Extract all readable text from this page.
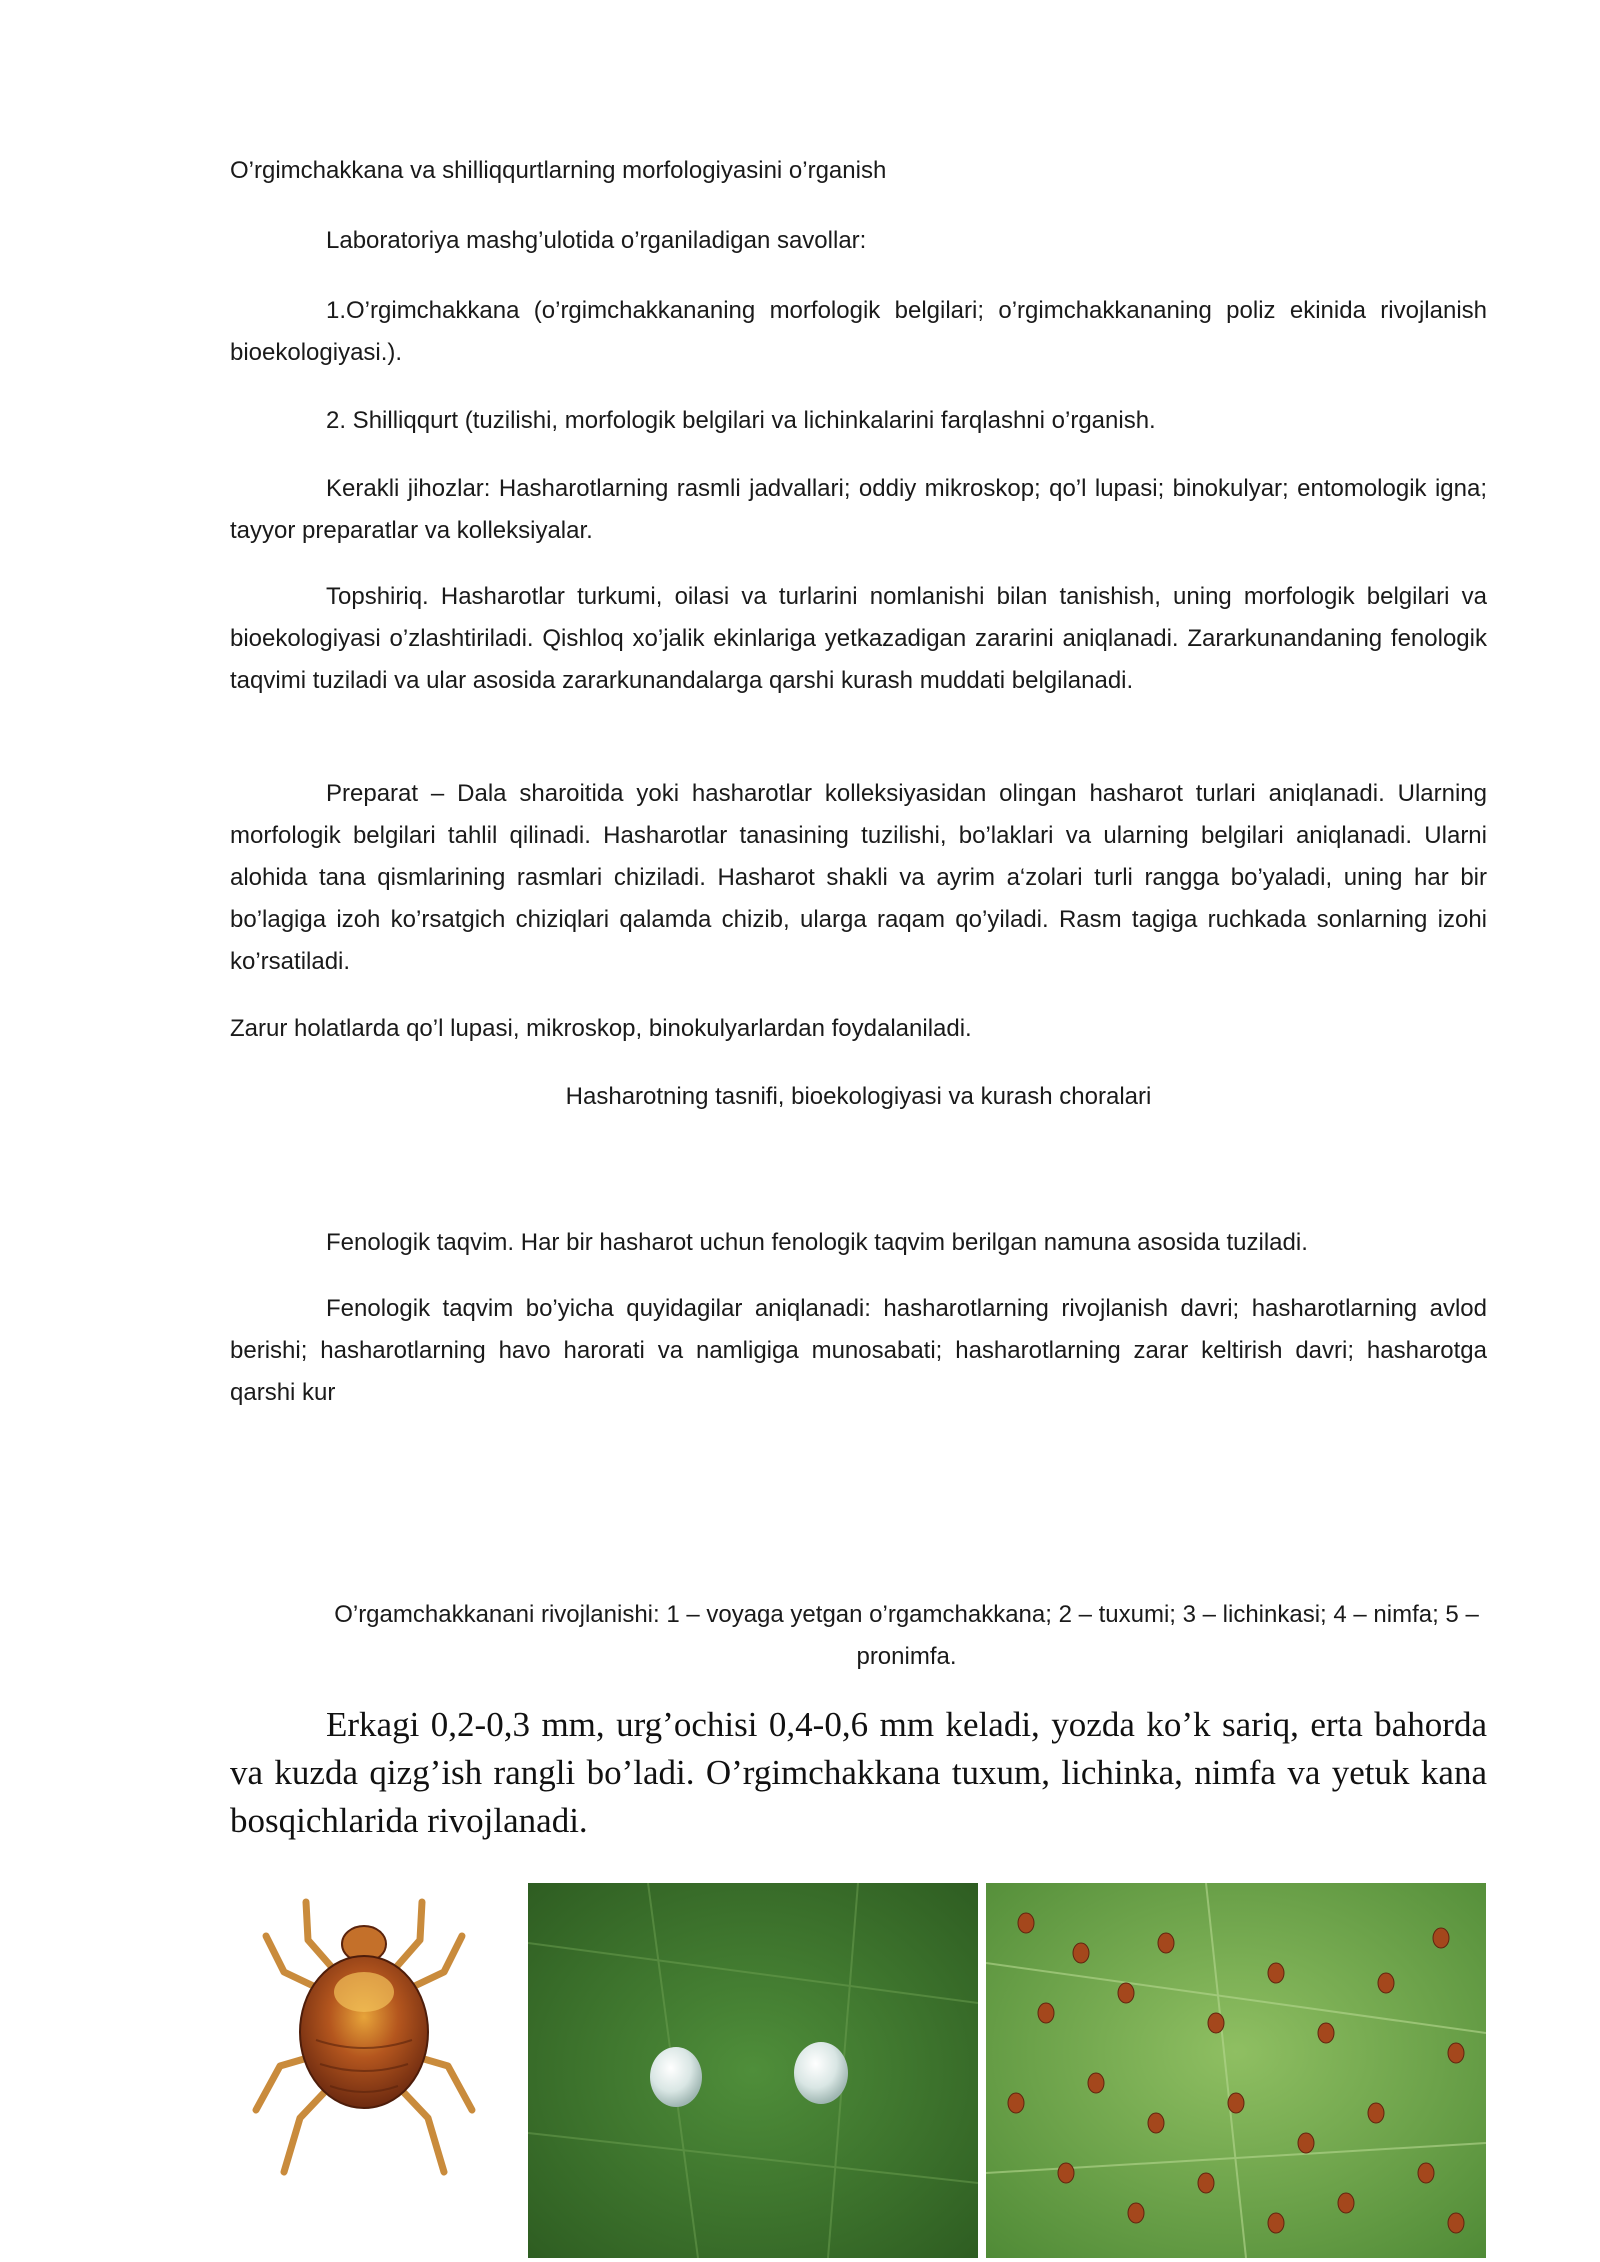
O’rgimchakkana va shilliqqurtlarning morfologiyasini o’rganish

Laboratoriya mashg’ulotida o’rganiladigan savollar:

1.O’rgimchakkana (o’rgimchakkananing morfologik belgilari; o’rgimchakkananing poliz ekinida rivojlanish bioekologiyasi.).

2. Shilliqqurt (tuzilishi, morfologik belgilari va lichinkalarini farqlashni o’rganish.

Kerakli jihozlar: Hasharotlarning rasmli jadvallari; oddiy mikroskop; qo’l lupasi; binokulyar; entomologik igna; tayyor preparatlar va kolleksiyalar.

Topshiriq. Hasharotlar turkumi, oilasi va turlarini nomlanishi bilan tanishish, uning morfologik belgilari va bioekologiyasi o’zlashtiriladi. Qishloq xo’jalik ekinlariga yetkazadigan zararini aniqlanadi. Zararkunandaning fenologik taqvimi tuziladi va ular asosida zararkunandalarga qarshi kurash muddati belgilanadi.

Preparat – Dala sharoitida yoki hasharotlar kolleksiyasidan olingan hasharot turlari aniqlanadi. Ularning morfologik belgilari tahlil qilinadi. Hasharotlar tanasining tuzilishi, bo’laklari va ularning belgilari aniqlanadi. Ularni alohida tana qismlarining rasmlari chiziladi. Hasharot shakli va ayrim a‘zolari turli rangga bo’yaladi, uning har bir bo’lagiga izoh ko’rsatgich chiziqlari qalamda chizib, ularga raqam qo’yiladi. Rasm tagiga ruchkada sonlarning izohi ko’rsatiladi.

Zarur holatlarda qo’l lupasi, mikroskop, binokulyarlardan foydalaniladi.

Hasharotning tasnifi, bioekologiyasi va kurash choralari

Fenologik taqvim. Har bir hasharot uchun fenologik taqvim berilgan namuna asosida tuziladi.

Fenologik taqvim bo’yicha quyidagilar aniqlanadi: hasharotlarning rivojlanish davri; hasharotlarning avlod berishi; hasharotlarning havo harorati va namligiga munosabati; hasharotlarning zarar keltirish davri; hasharotga qarshi kur

O’rgamchakkanani rivojlanishi: 1 – voyaga yetgan o’rgamchakkana; 2 – tuxumi; 3 – lichinkasi; 4 – nimfa; 5 – pronimfa.

Erkagi 0,2-0,3 mm, urg’ochisi 0,4-0,6 mm keladi, yozda ko’k sariq, erta bahorda va kuzda qizg’ish rangli bo’ladi. O’rgimchakkana tuxum, lichinka, nimfa va yetuk kana bosqichlarida rivojlanadi.
